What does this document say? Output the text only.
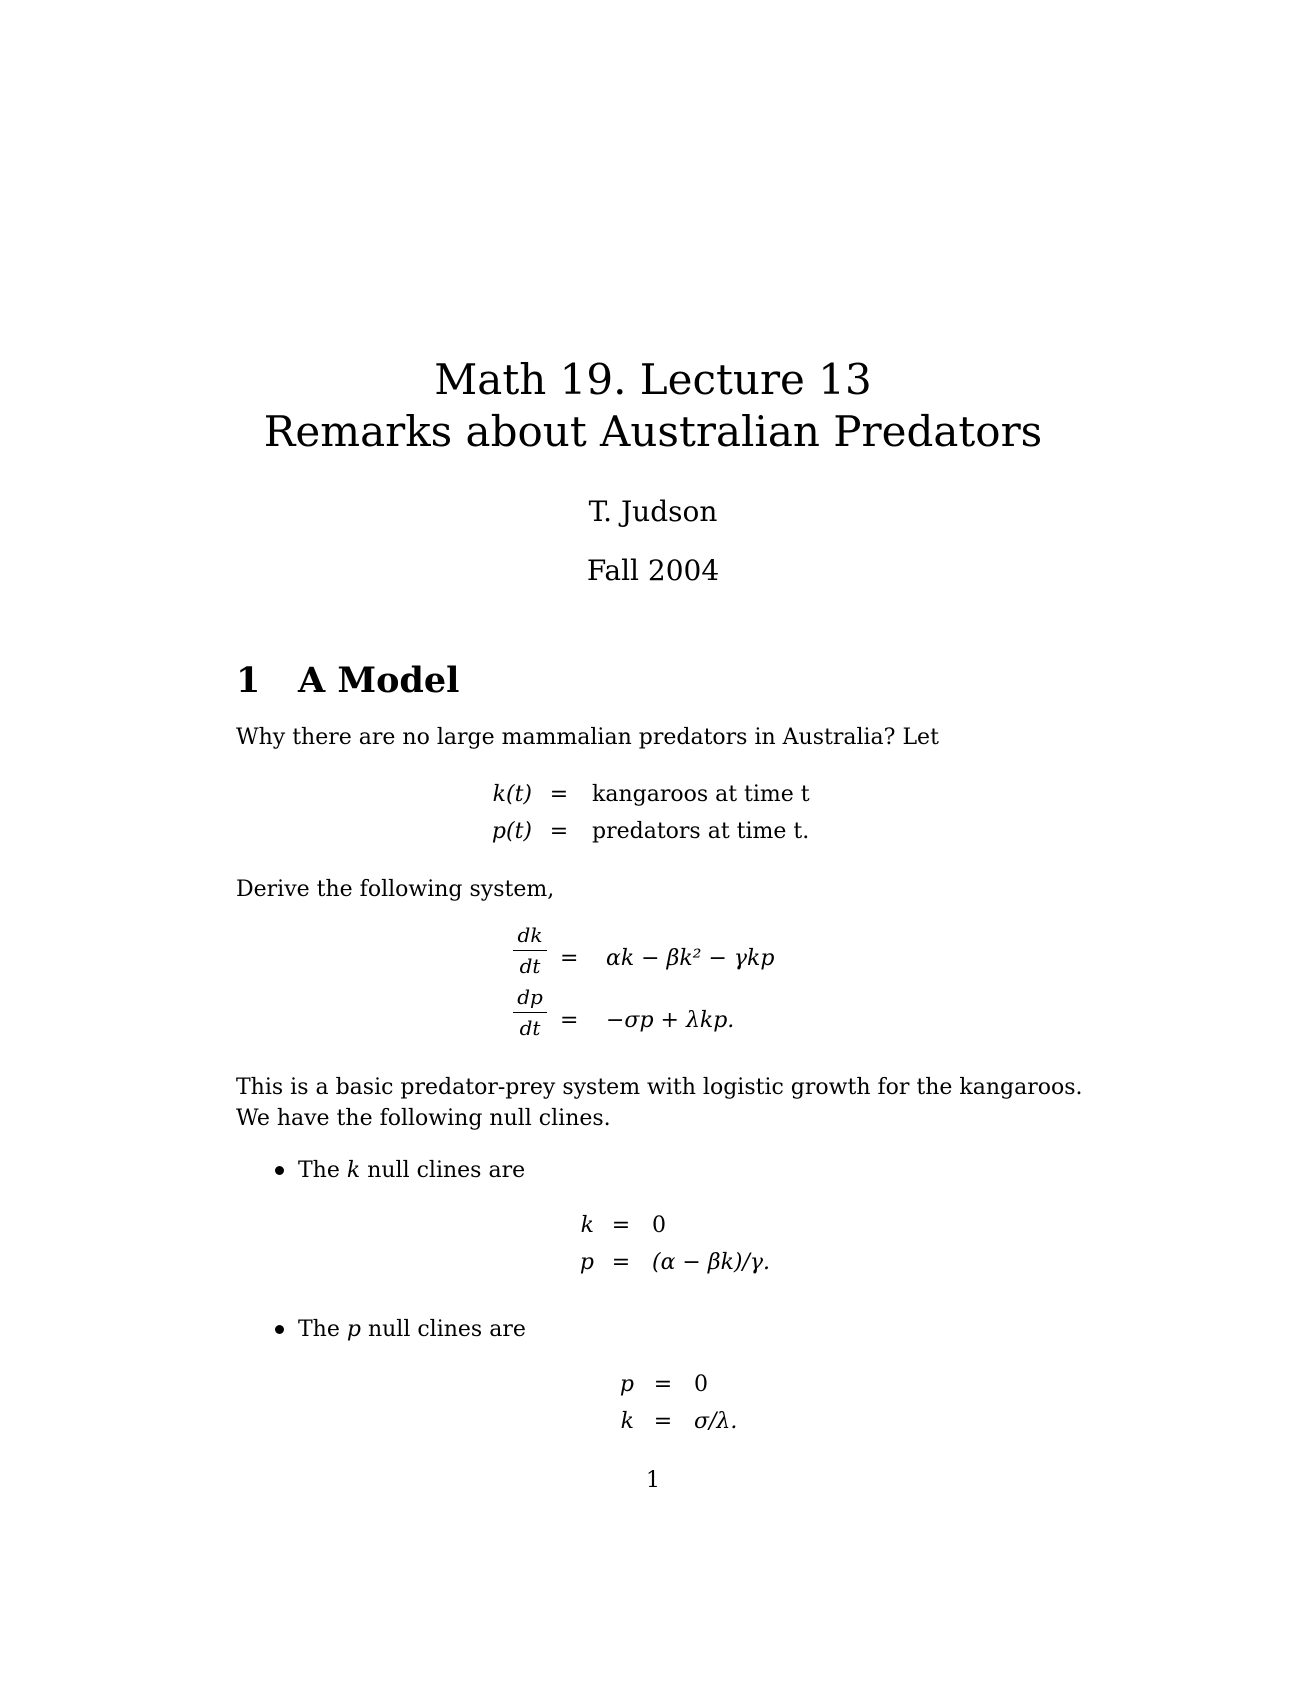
Math 19. Lecture 13
Remarks about Australian Predators
T. Judson
Fall 2004
1 A Model
Why there are no large mammalian predators in Australia? Let
k(t) =	kangaroos at time t
p(t) =	predators at time t.
Derive the following system,
dk
dt = αk − βk² − γkp
dp
dt = −σp + λkp.
This is a basic predator-prey system with logistic growth for the kangaroos.
We have the following null clines.
The k null clines are
k = 0
p = (α − βk)/γ.
The p null clines are
p = 0
k = σ/λ.
1
